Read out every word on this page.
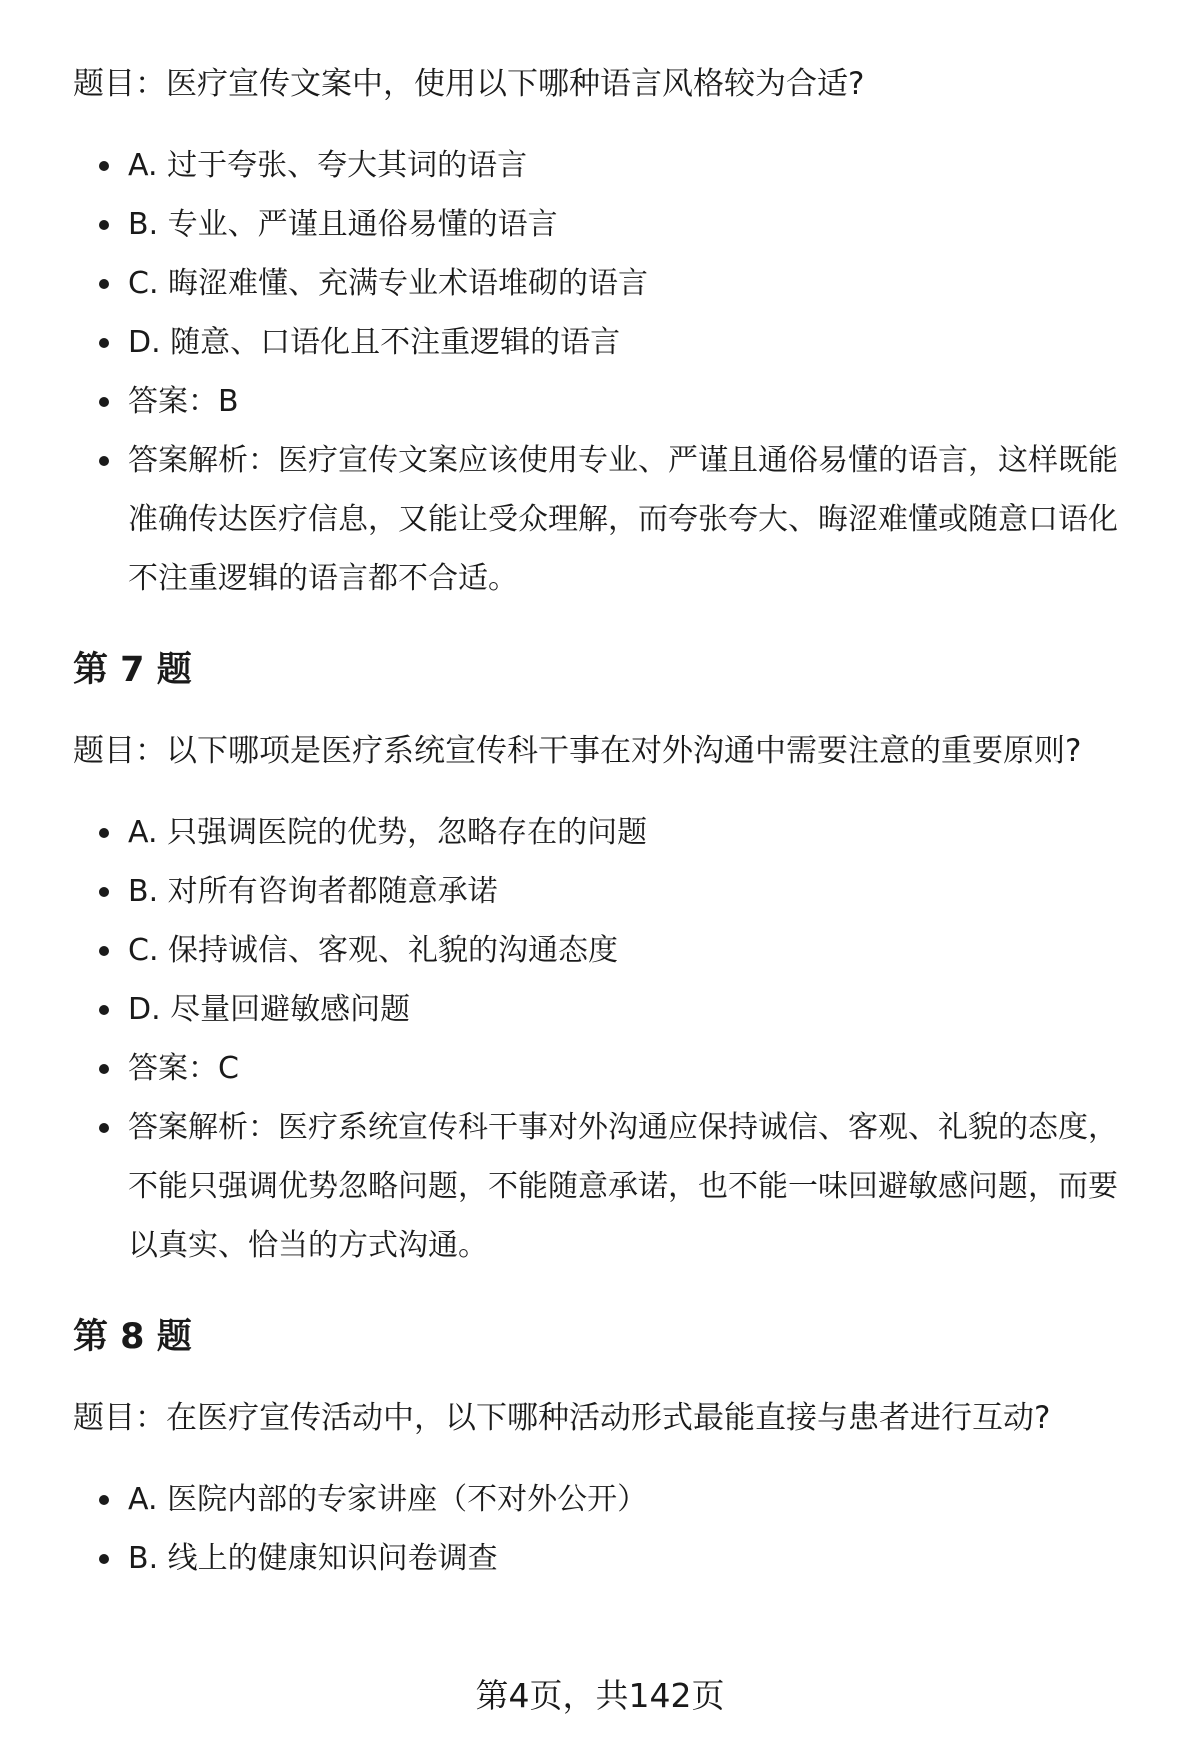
题目：医疗宣传文案中，使用以下哪种语言风格较为合适?

A. 过于夸张、夸大其词的语言
B. 专业、严谨且通俗易懂的语言
C. 晦涩难懂、充满专业术语堆砌的语言
D. 随意、口语化且不注重逻辑的语言
答案：B
答案解析：医疗宣传文案应该使用专业、严谨且通俗易懂的语言，这样既能准确传达医疗信息，又能让受众理解，而夸张夸大、晦涩难懂或随意口语化不注重逻辑的语言都不合适。
第 7 题

题目：以下哪项是医疗系统宣传科干事在对外沟通中需要注意的重要原则?

A. 只强调医院的优势，忽略存在的问题
B. 对所有咨询者都随意承诺
C. 保持诚信、客观、礼貌的沟通态度
D. 尽量回避敏感问题
答案：C
答案解析：医疗系统宣传科干事对外沟通应保持诚信、客观、礼貌的态度，不能只强调优势忽略问题，不能随意承诺，也不能一味回避敏感问题，而要以真实、恰当的方式沟通。
第 8 题

题目：在医疗宣传活动中，以下哪种活动形式最能直接与患者进行互动?

A. 医院内部的专家讲座（不对外公开）
B. 线上的健康知识问卷调查
第4页，共142页
